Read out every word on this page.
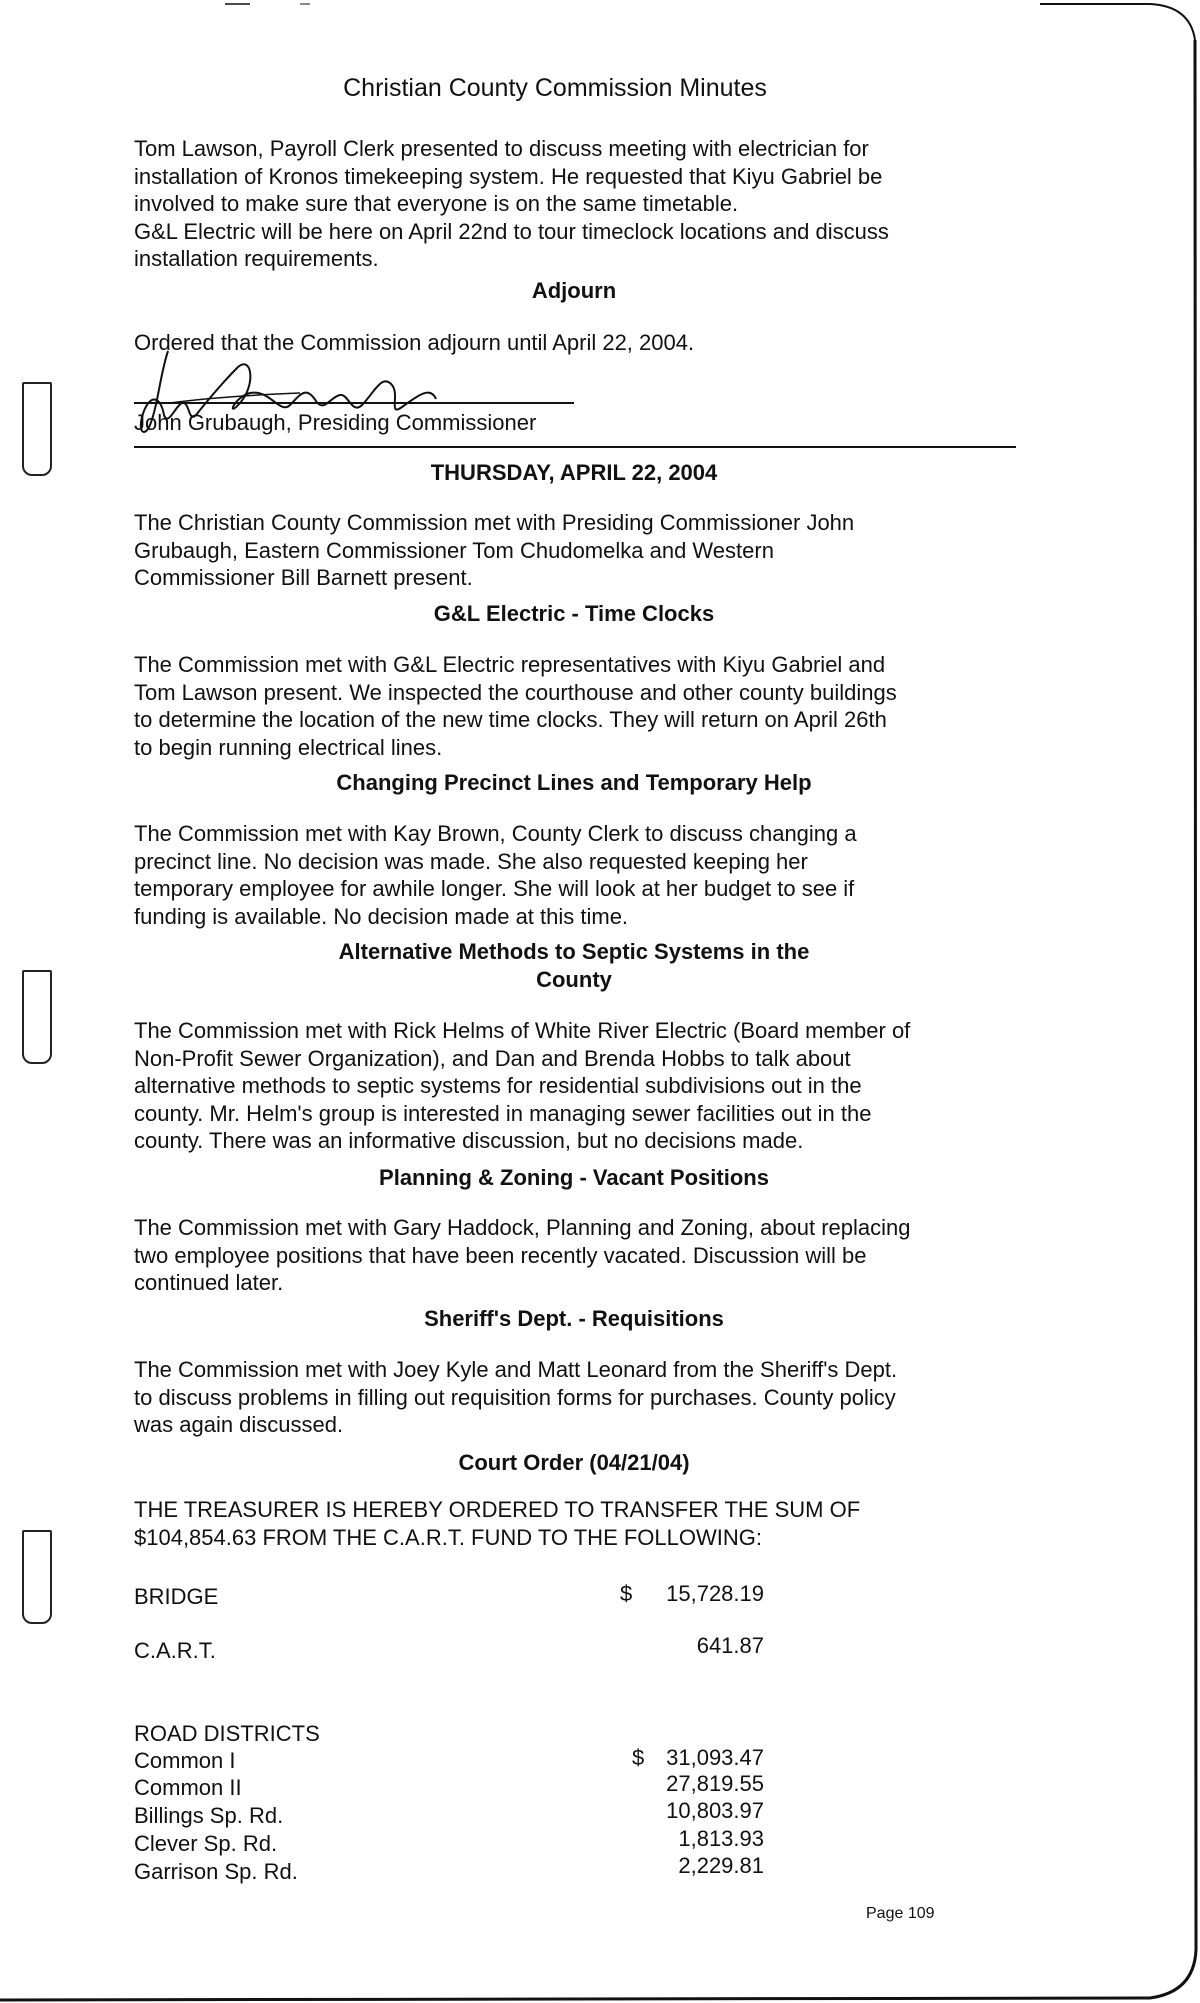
Christian County Commission Minutes
Tom Lawson, Payroll Clerk presented to discuss meeting with electrician for
installation of Kronos timekeeping system. He requested that Kiyu Gabriel be
involved to make sure that everyone is on the same timetable.
G&L Electric will be here on April 22nd to tour timeclock locations and discuss
installation requirements.
Adjourn
Ordered that the Commission adjourn until April 22, 2004.
John Grubaugh, Presiding Commissioner
THURSDAY, APRIL 22, 2004
The Christian County Commission met with Presiding Commissioner John
Grubaugh, Eastern Commissioner Tom Chudomelka and Western
Commissioner Bill Barnett present.
G&L Electric - Time Clocks
The Commission met with G&L Electric representatives with Kiyu Gabriel and
Tom Lawson present. We inspected the courthouse and other county buildings
to determine the location of the new time clocks. They will return on April 26th
to begin running electrical lines.
Changing Precinct Lines and Temporary Help
The Commission met with Kay Brown, County Clerk to discuss changing a
precinct line. No decision was made. She also requested keeping her
temporary employee for awhile longer. She will look at her budget to see if
funding is available. No decision made at this time.
Alternative Methods to Septic Systems in the
County
The Commission met with Rick Helms of White River Electric (Board member of
Non-Profit Sewer Organization), and Dan and Brenda Hobbs to talk about
alternative methods to septic systems for residential subdivisions out in the
county. Mr. Helm's group is interested in managing sewer facilities out in the
county. There was an informative discussion, but no decisions made.
Planning & Zoning - Vacant Positions
The Commission met with Gary Haddock, Planning and Zoning, about replacing
two employee positions that have been recently vacated. Discussion will be
continued later.
Sheriff's Dept. - Requisitions
The Commission met with Joey Kyle and Matt Leonard from the Sheriff's Dept.
to discuss problems in filling out requisition forms for purchases. County policy
was again discussed.
Court Order (04/21/04)
THE TREASURER IS HEREBY ORDERED TO TRANSFER THE SUM OF
$104,854.63 FROM THE C.A.R.T. FUND TO THE FOLLOWING:
BRIDGE	$	15,728.19
C.A.R.T.	641.87
ROAD DISTRICTS
$
Common I	31,093.47
Common II	27,819.55
Billings Sp. Rd.	10,803.97
Clever Sp. Rd.	1,813.93
Garrison Sp. Rd.	2,229.81
Page 109
